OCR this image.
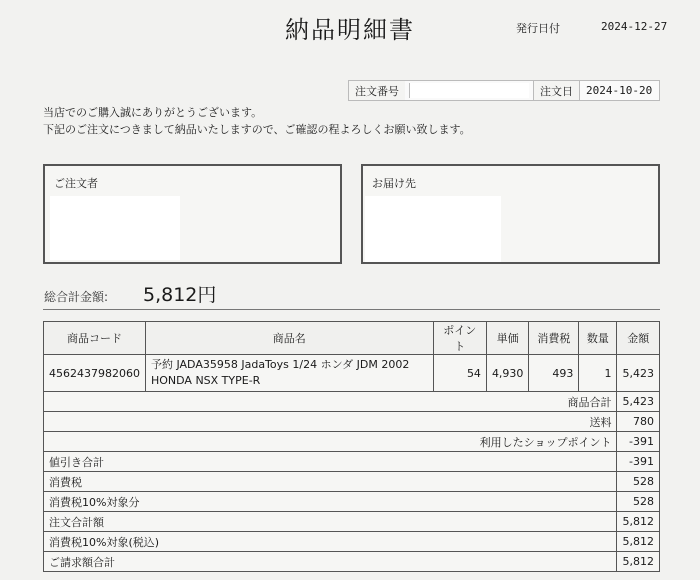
納品明細書	発行日付	2024-12-27
注文番号	注文日	2024-10-20
当店でのご購入誠にありがとうございます。
下記のご注文につきまして納品いたしますので、ご確認の程よろしくお願い致します。
ご注文者	お届け先
総合計金額: 5,812円
商品コード	商品名	ポイント	単価	消費税	数量	金額
4562437982060	予約 JADA35958 JadaToys 1/24 ホンダ JDM 2002 HONDA NSX TYPE-R	54	4,930	493	1	5,423
商品合計						5,423
送料						780
利用したショップポイント						-391
値引き合計						-391
消費税						528
消費税10%対象分						528
注文合計額						5,812
消費税10%対象(税込)						5,812
ご請求額合計						5,812
